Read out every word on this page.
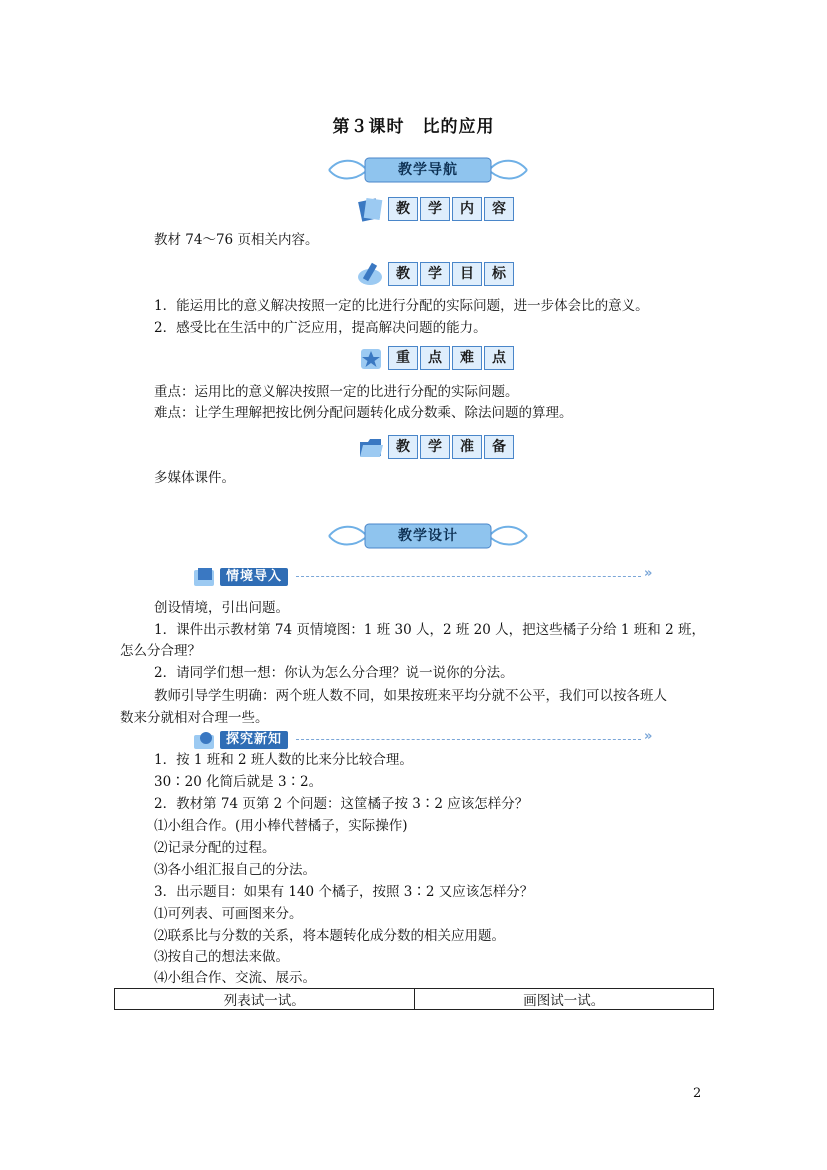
第３课时　比的应用
教学导航
教	学	内	容
教材 74～76 页相关内容。
教	学	目	标
1．能运用比的意义解决按照一定的比进行分配的实际问题，进一步体会比的意义。
2．感受比在生活中的广泛应用，提高解决问题的能力。
重	点	难	点
重点：运用比的意义解决按照一定的比进行分配的实际问题。
难点：让学生理解把按比例分配问题转化成分数乘、除法问题的算理。
教	学	准	备
多媒体课件。
教学设计
情境导入	»
创设情境，引出问题。
1．课件出示教材第 74 页情境图：1 班 30 人，2 班 20 人，把这些橘子分给 1 班和 2 班，
怎么分合理？
2．请同学们想一想：你认为怎么分合理？说一说你的分法。
教师引导学生明确：两个班人数不同，如果按班来平均分就不公平，我们可以按各班人
数来分就相对合理一些。
探究新知	»
1．按 1 班和 2 班人数的比来分比较合理。
30∶20 化简后就是 3∶2。
2．教材第 74 页第 2 个问题：这筐橘子按 3∶2 应该怎样分？
⑴小组合作。(用小棒代替橘子，实际操作)
⑵记录分配的过程。
⑶各小组汇报自己的分法。
3．出示题目：如果有 140 个橘子，按照 3∶2 又应该怎样分？
⑴可列表、可画图来分。
⑵联系比与分数的关系，将本题转化成分数的相关应用题。
⑶按自己的想法来做。
⑷小组合作、交流、展示。
列表试一试。	画图试一试。
2
